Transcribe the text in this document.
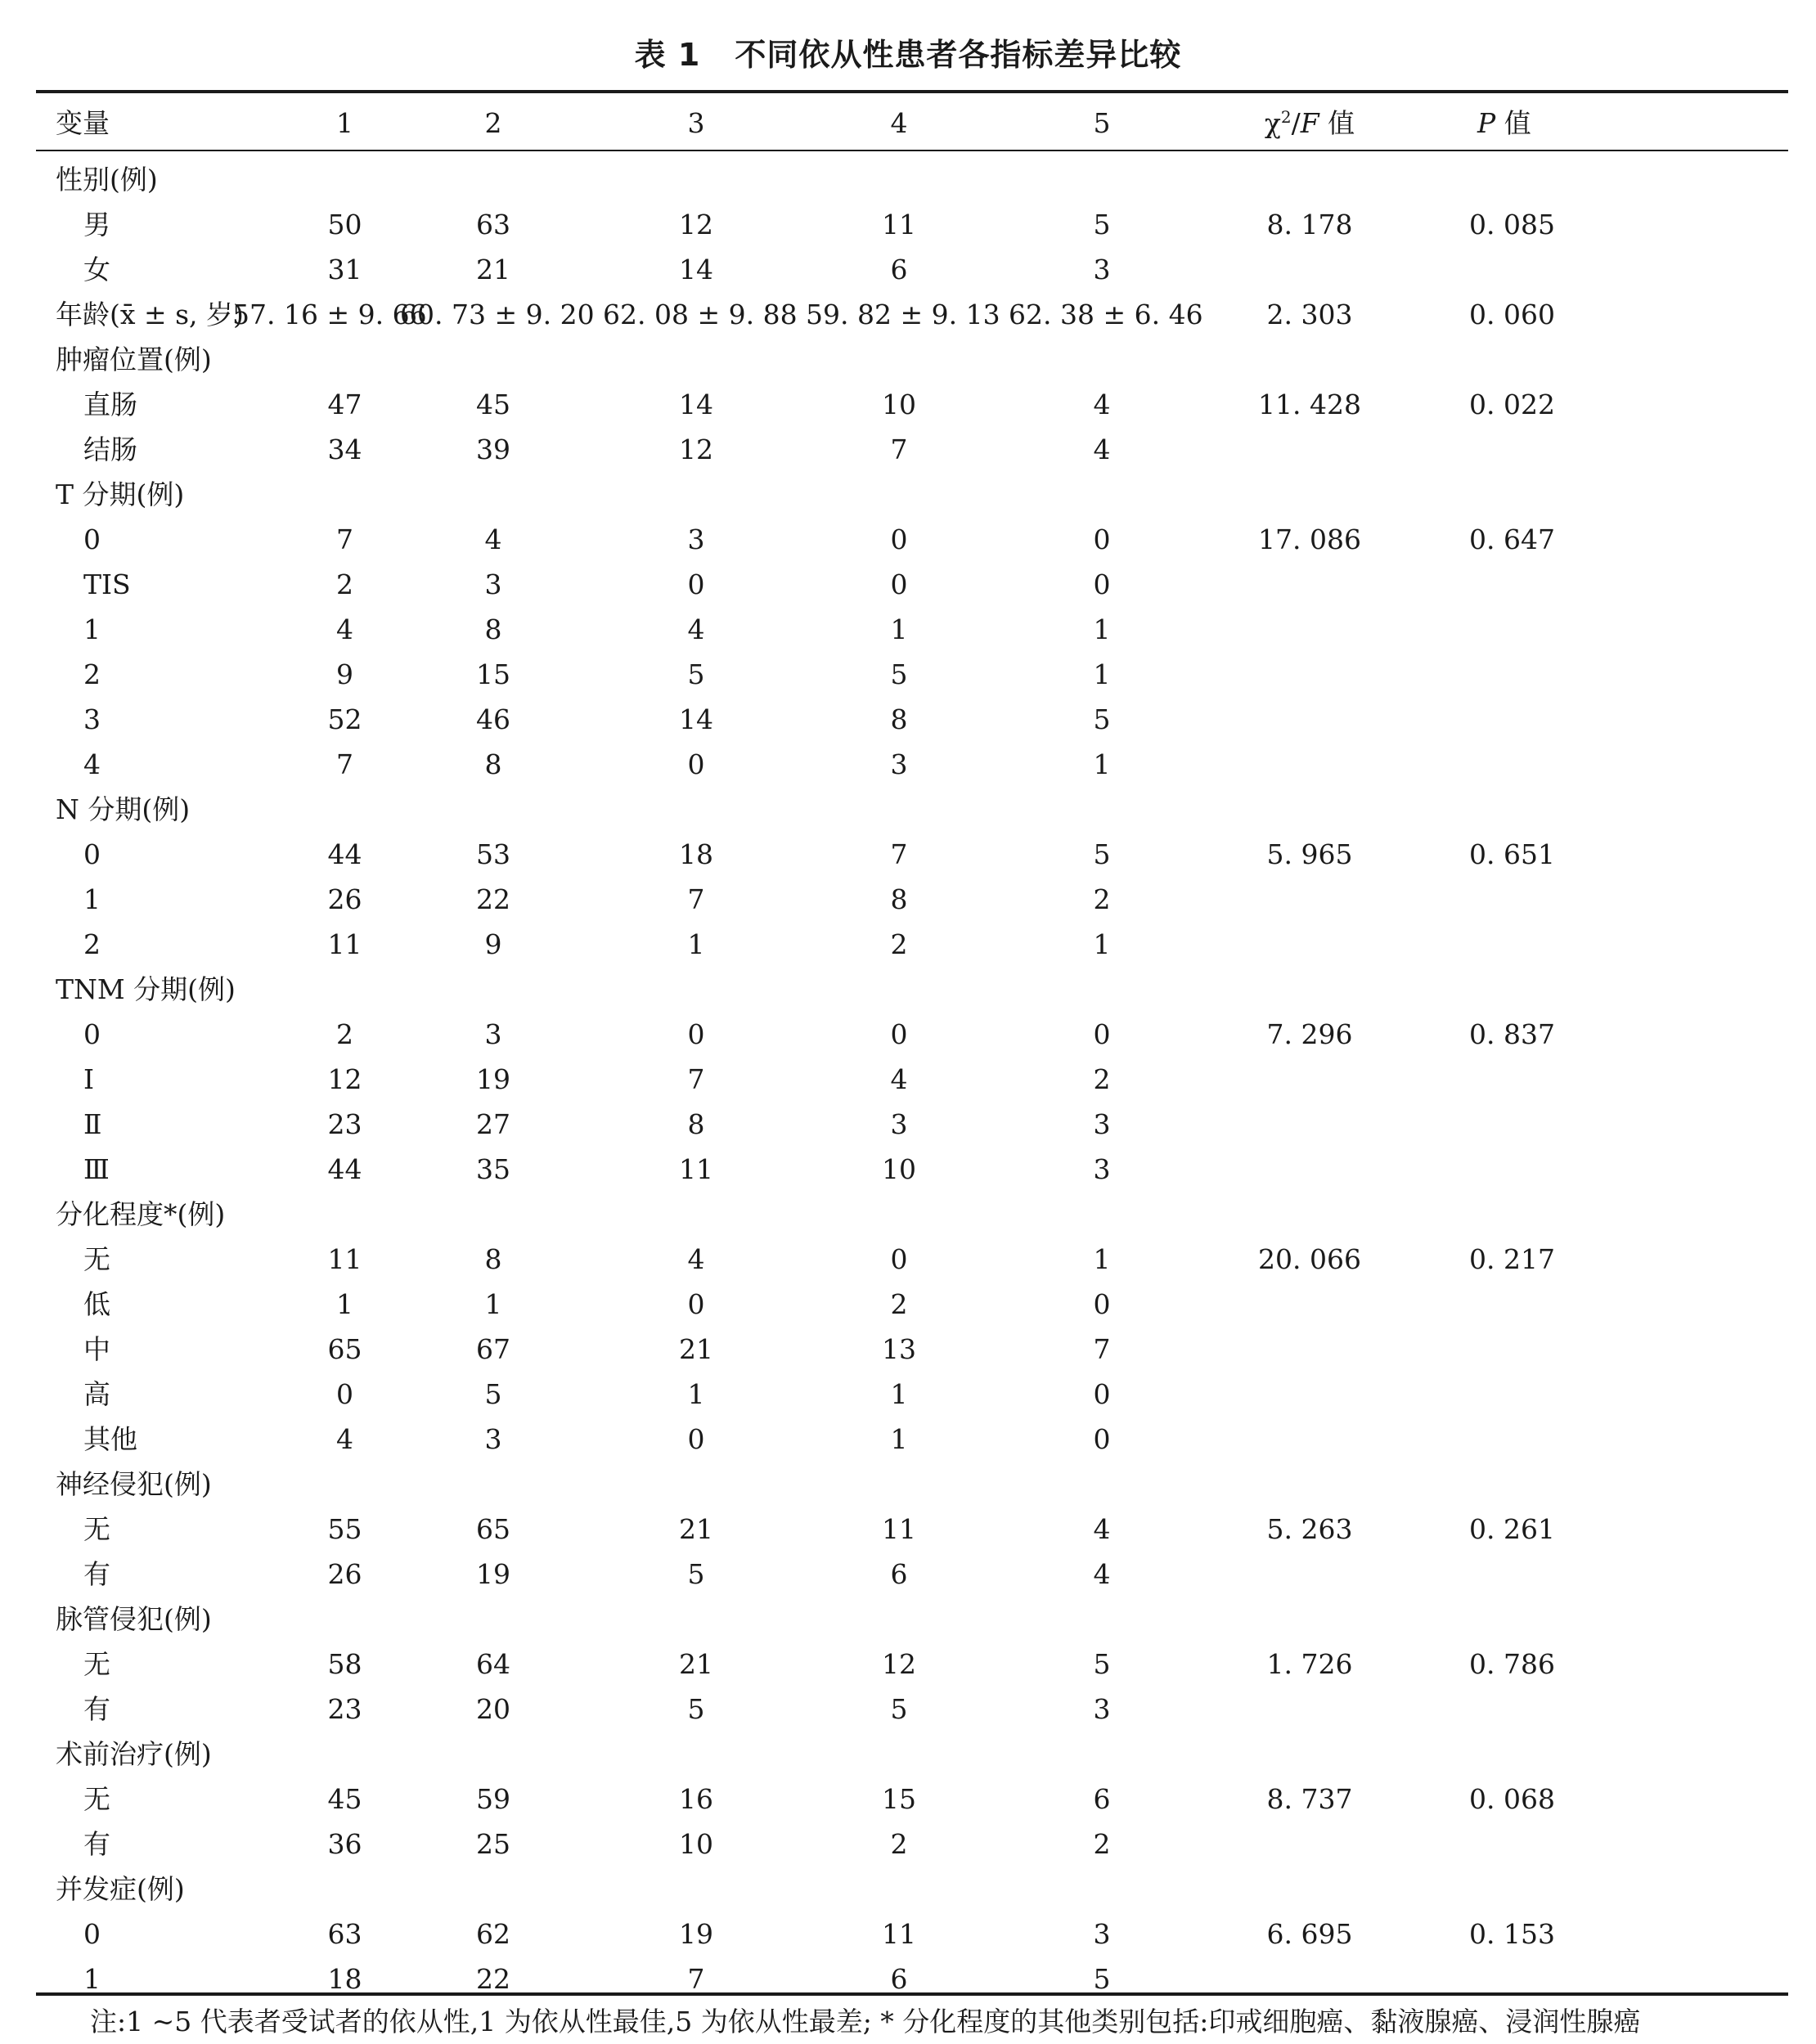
表 1 不同依从性患者各指标差异比较
变量	1	2	3	4	5	$\chi^2/F$ 值	P 值
性别(例)							
男	50	63	12	11	5	8. 178	0. 085
女	31	21	14	6	3		
年龄(x̄ ± s, 岁)	57. 16 ± 9. 66	60. 73 ± 9. 20	62. 08 ± 9. 88	59. 82 ± 9. 13	62. 38 ± 6. 46	2. 303	0. 060
肿瘤位置(例)							
直肠	47	45	14	10	4	11. 428	0. 022
结肠	34	39	12	7	4		
T 分期(例)							
0	7	4	3	0	0	17. 086	0. 647
TIS	2	3	0	0	0		
1	4	8	4	1	1		
2	9	15	5	5	1		
3	52	46	14	8	5		
4	7	8	0	3	1		
N 分期(例)							
0	44	53	18	7	5	5. 965	0. 651
1	26	22	7	8	2		
2	11	9	1	2	1		
TNM 分期(例)							
0	2	3	0	0	0	7. 296	0. 837
Ⅰ	12	19	7	4	2		
Ⅱ	23	27	8	3	3		
Ⅲ	44	35	11	10	3		
分化程度*(例)							
无	11	8	4	0	1	20. 066	0. 217
低	1	1	0	2	0		
中	65	67	21	13	7		
高	0	5	1	1	0		
其他	4	3	0	1	0		
神经侵犯(例)							
无	55	65	21	11	4	5. 263	0. 261
有	26	19	5	6	4		
脉管侵犯(例)							
无	58	64	21	12	5	1. 726	0. 786
有	23	20	5	5	3		
术前治疗(例)							
无	45	59	16	15	6	8. 737	0. 068
有	36	25	10	2	2		
并发症(例)							
0	63	62	19	11	3	6. 695	0. 153
1	18	22	7	6	5		
注:1 ~5 代表者受试者的依从性,1 为依从性最佳,5 为依从性最差; * 分化程度的其他类别包括:印戒细胞癌、黏液腺癌、浸润性腺癌
